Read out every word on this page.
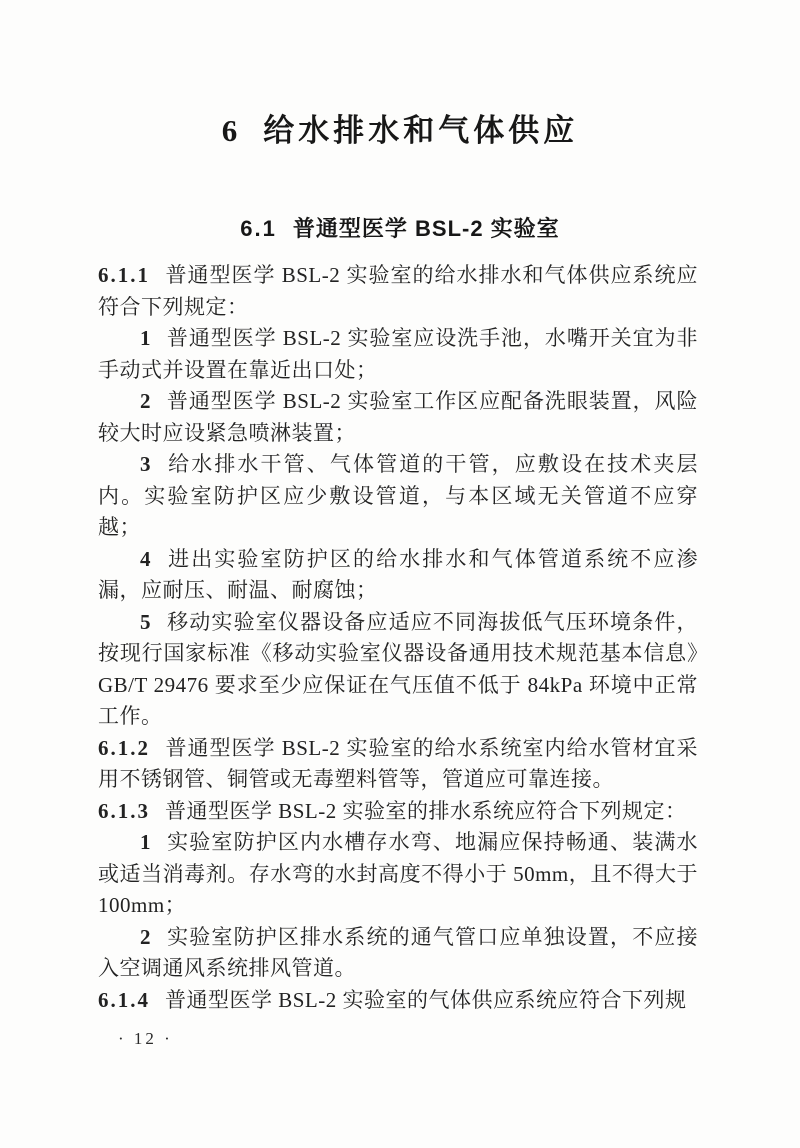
6 给水排水和气体供应
6.1 普通型医学 BSL-2 实验室

6.1.1 普通型医学 BSL-2 实验室的给水排水和气体供应系统应符合下列规定：

1 普通型医学 BSL-2 实验室应设洗手池，水嘴开关宜为非手动式并设置在靠近出口处；

2 普通型医学 BSL-2 实验室工作区应配备洗眼装置，风险较大时应设紧急喷淋装置；

3 给水排水干管、气体管道的干管，应敷设在技术夹层内。实验室防护区应少敷设管道，与本区域无关管道不应穿越；

4 进出实验室防护区的给水排水和气体管道系统不应渗漏，应耐压、耐温、耐腐蚀；

5 移动实验室仪器设备应适应不同海拔低气压环境条件，按现行国家标准《移动实验室仪器设备通用技术规范基本信息》GB/T 29476 要求至少应保证在气压值不低于 84kPa 环境中正常工作。

6.1.2 普通型医学 BSL-2 实验室的给水系统室内给水管材宜采用不锈钢管、铜管或无毒塑料管等，管道应可靠连接。

6.1.3 普通型医学 BSL-2 实验室的排水系统应符合下列规定：

1 实验室防护区内水槽存水弯、地漏应保持畅通、装满水或适当消毒剂。存水弯的水封高度不得小于 50mm，且不得大于 100mm；

2 实验室防护区排水系统的通气管口应单独设置，不应接入空调通风系统排风管道。

6.1.4 普通型医学 BSL-2 实验室的气体供应系统应符合下列规

· 12 ·
